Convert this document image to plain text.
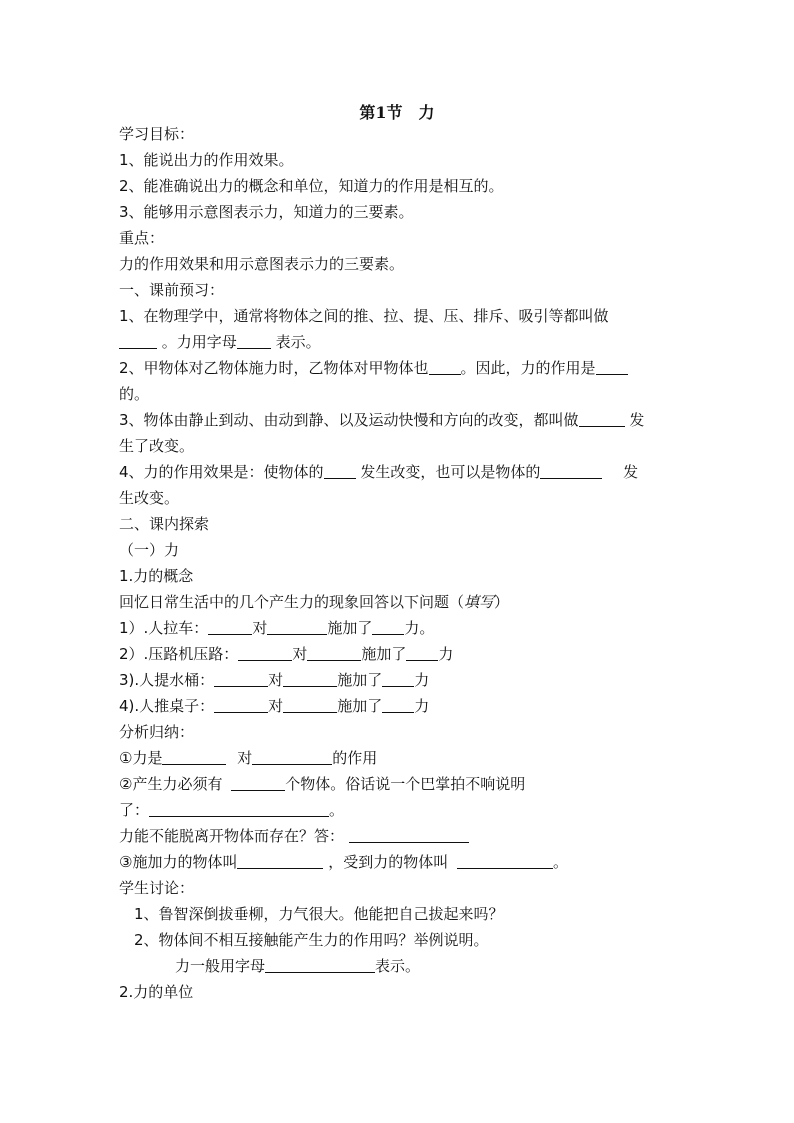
第1节　力
学习目标：
1、能说出力的作用效果。
2、能准确说出力的概念和单位，知道力的作用是相互的。
3、能够用示意图表示力，知道力的三要素。
重点：
力的作用效果和用示意图表示力的三要素。
一、课前预习：
1、在物理学中，通常将物体之间的推、拉、提、压、排斥、吸引等都叫做
。力用字母	表示。
2、甲物体对乙物体施力时，乙物体对甲物体也 。因此，力的作用是
的。
3、物体由静止到动、由动到静、以及运动快慢和方向的改变，都叫做	发
生了改变。
4、力的作用效果是：使物体的 发生改变，也可以是物体的	发
生改变。
二、课内探索
（一）力
1.力的概念
回忆日常生活中的几个产生力的现象回答以下问题（填写）
1）.人拉车：	对	施加了 力。
2）.压路机压路：	对	施加了 力
3).人提水桶：	对	施加了 力
4).人推桌子：	对	施加了 力
分析归纳：
①力是	对	的作用
②产生力必须有	个物体。俗话说一个巴掌拍不响说明
了：	。
力能不能脱离开物体而存在？答：
③施加力的物体叫	，受到力的物体叫	。
学生讨论：
1、鲁智深倒拔垂柳，力气很大。他能把自己拔起来吗？
2、物体间不相互接触能产生力的作用吗？举例说明。
力一般用字母	表示。
2.力的单位
